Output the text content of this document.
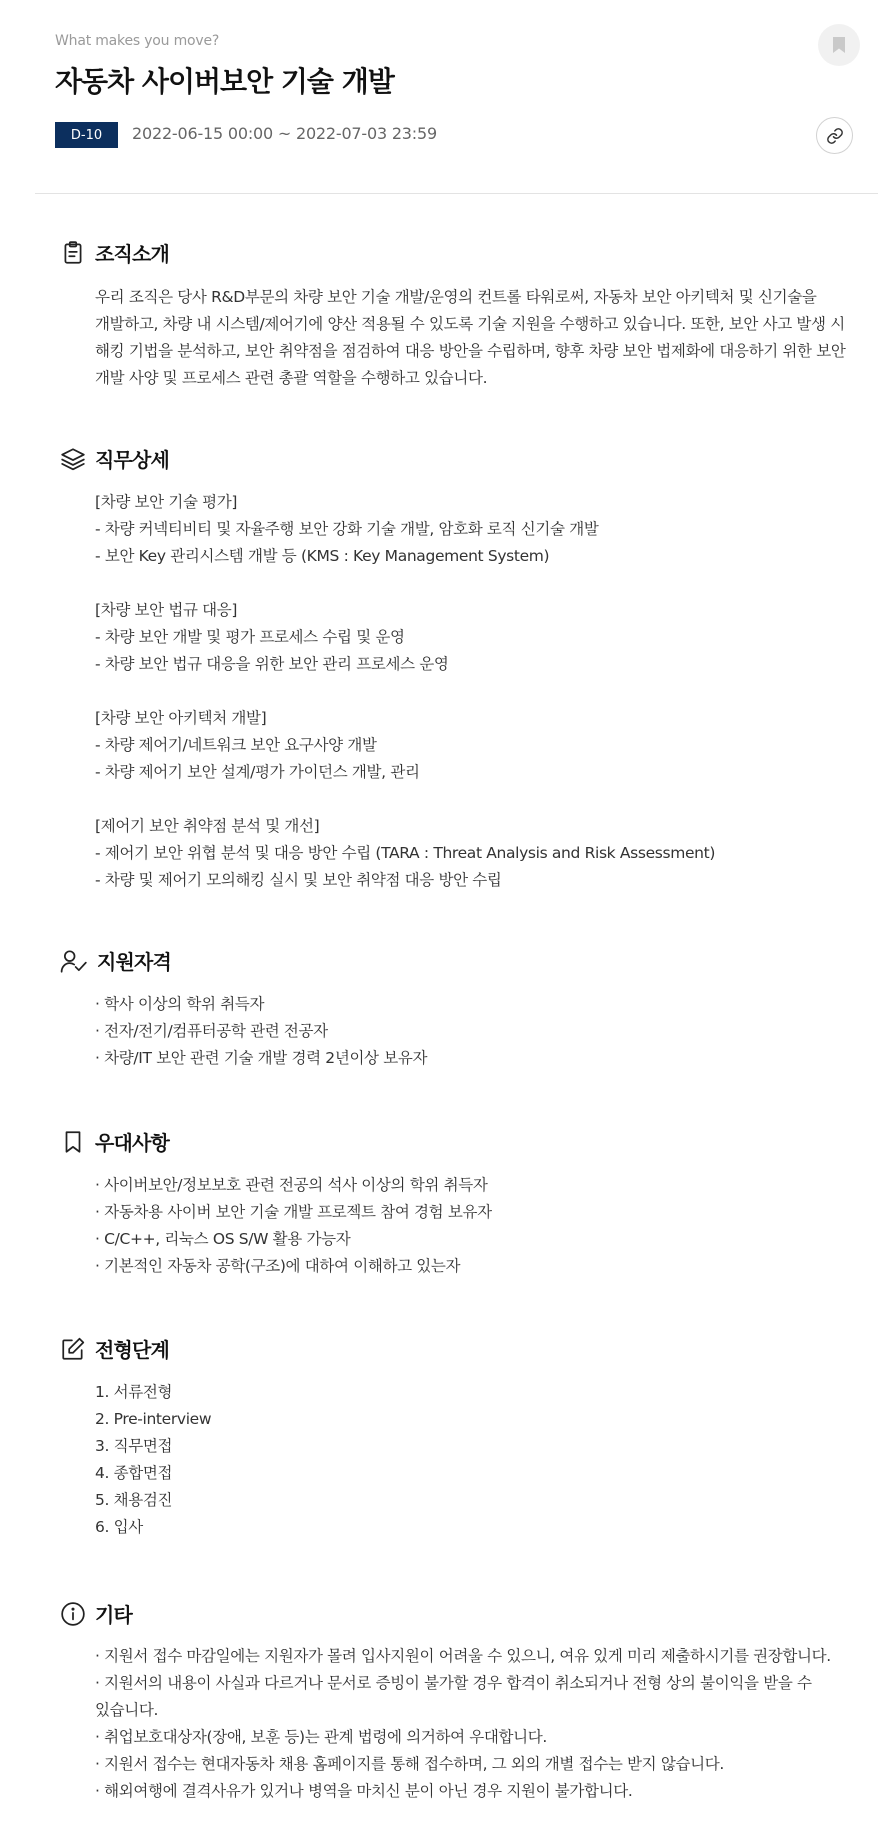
What makes you move?
자동차 사이버보안 기술 개발
D-10	2022-06-15 00:00 ~ 2022-07-03 23:59
조직소개

우리 조직은 당사 R&D부문의 차량 보안 기술 개발/운영의 컨트롤 타워로써, 자동차 보안 아키텍처 및 신기술을

개발하고, 차량 내 시스템/제어기에 양산 적용될 수 있도록 기술 지원을 수행하고 있습니다. 또한, 보안 사고 발생 시

해킹 기법을 분석하고, 보안 취약점을 점검하여 대응 방안을 수립하며, 향후 차량 보안 법제화에 대응하기 위한 보안

개발 사양 및 프로세스 관련 총괄 역할을 수행하고 있습니다.

직무상세

[차량 보안 기술 평가]

- 차량 커넥티비티 및 자율주행 보안 강화 기술 개발, 암호화 로직 신기술 개발

- 보안 Key 관리시스템 개발 등 (KMS : Key Management System)

[차량 보안 법규 대응]

- 차량 보안 개발 및 평가 프로세스 수립 및 운영

- 차량 보안 법규 대응을 위한 보안 관리 프로세스 운영

[차량 보안 아키텍처 개발]

- 차량 제어기/네트워크 보안 요구사양 개발

- 차량 제어기 보안 설계/평가 가이던스 개발, 관리

[제어기 보안 취약점 분석 및 개선]

- 제어기 보안 위협 분석 및 대응 방안 수립 (TARA : Threat Analysis and Risk Assessment)

- 차량 및 제어기 모의해킹 실시 및 보안 취약점 대응 방안 수립

지원자격

· 학사 이상의 학위 취득자

· 전자/전기/컴퓨터공학 관련 전공자

· 차량/IT 보안 관련 기술 개발 경력 2년이상 보유자

우대사항

· 사이버보안/정보보호 관련 전공의 석사 이상의 학위 취득자

· 자동차용 사이버 보안 기술 개발 프로젝트 참여 경험 보유자

· C/C++, 리눅스 OS S/W 활용 가능자

· 기본적인 자동차 공학(구조)에 대하여 이해하고 있는자

전형단계

1. 서류전형

2. Pre-interview

3. 직무면접

4. 종합면접

5. 채용검진

6. 입사

기타

· 지원서 접수 마감일에는 지원자가 몰려 입사지원이 어려울 수 있으니, 여유 있게 미리 제출하시기를 권장합니다.

· 지원서의 내용이 사실과 다르거나 문서로 증빙이 불가할 경우 합격이 취소되거나 전형 상의 불이익을 받을 수

있습니다.

· 취업보호대상자(장애, 보훈 등)는 관계 법령에 의거하여 우대합니다.

· 지원서 접수는 현대자동차 채용 홈페이지를 통해 접수하며, 그 외의 개별 접수는 받지 않습니다.

· 해외여행에 결격사유가 있거나 병역을 마치신 분이 아닌 경우 지원이 불가합니다.
